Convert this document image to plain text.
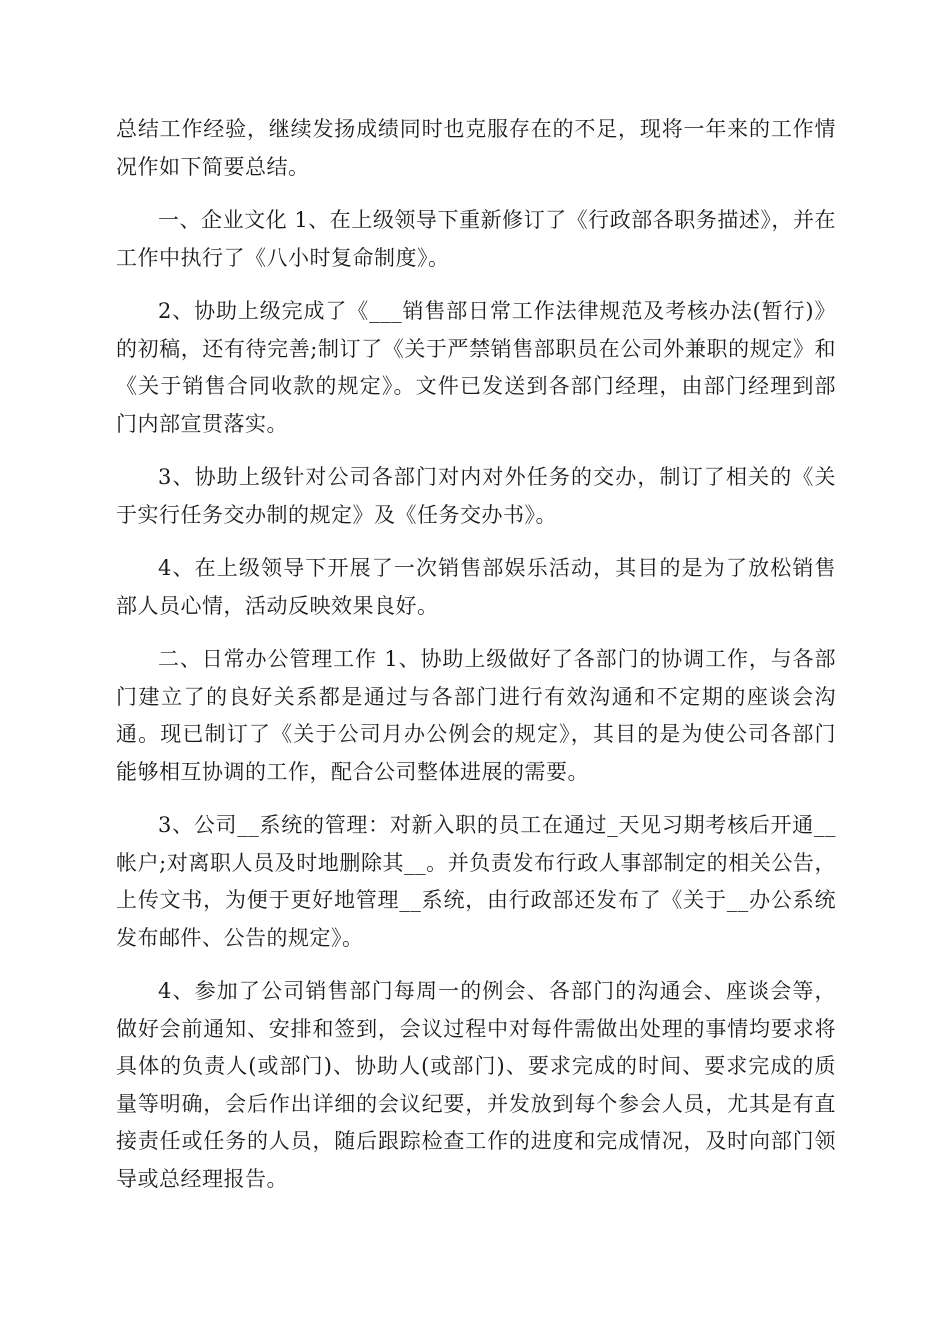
总结工作经验，继续发扬成绩同时也克服存在的不足，现将一年来的工作情况作如下简要总结。

一、企业文化 1、在上级领导下重新修订了《行政部各职务描述》，并在工作中执行了《八小时复命制度》。

2、协助上级完成了《___销售部日常工作法律规范及考核办法(暂行)》的初稿，还有待完善;制订了《关于严禁销售部职员在公司外兼职的规定》和《关于销售合同收款的规定》。文件已发送到各部门经理，由部门经理到部门内部宣贯落实。

3、协助上级针对公司各部门对内对外任务的交办，制订了相关的《关于实行任务交办制的规定》及《任务交办书》。

4、在上级领导下开展了一次销售部娱乐活动，其目的是为了放松销售部人员心情，活动反映效果良好。

二、日常办公管理工作 1、协助上级做好了各部门的协调工作，与各部门建立了的良好关系都是通过与各部门进行有效沟通和不定期的座谈会沟通。现已制订了《关于公司月办公例会的规定》，其目的是为使公司各部门能够相互协调的工作，配合公司整体进展的需要。

3、公司__系统的管理：对新入职的员工在通过_天见习期考核后开通__帐户;对离职人员及时地删除其__。并负责发布行政人事部制定的相关公告，上传文书，为便于更好地管理__系统，由行政部还发布了《关于__办公系统发布邮件、公告的规定》。

4、参加了公司销售部门每周一的例会、各部门的沟通会、座谈会等，做好会前通知、安排和签到，会议过程中对每件需做出处理的事情均要求将具体的负责人(或部门)、协助人(或部门)、要求完成的时间、要求完成的质量等明确，会后作出详细的会议纪要，并发放到每个参会人员，尤其是有直接责任或任务的人员，随后跟踪检查工作的进度和完成情况，及时向部门领导或总经理报告。
